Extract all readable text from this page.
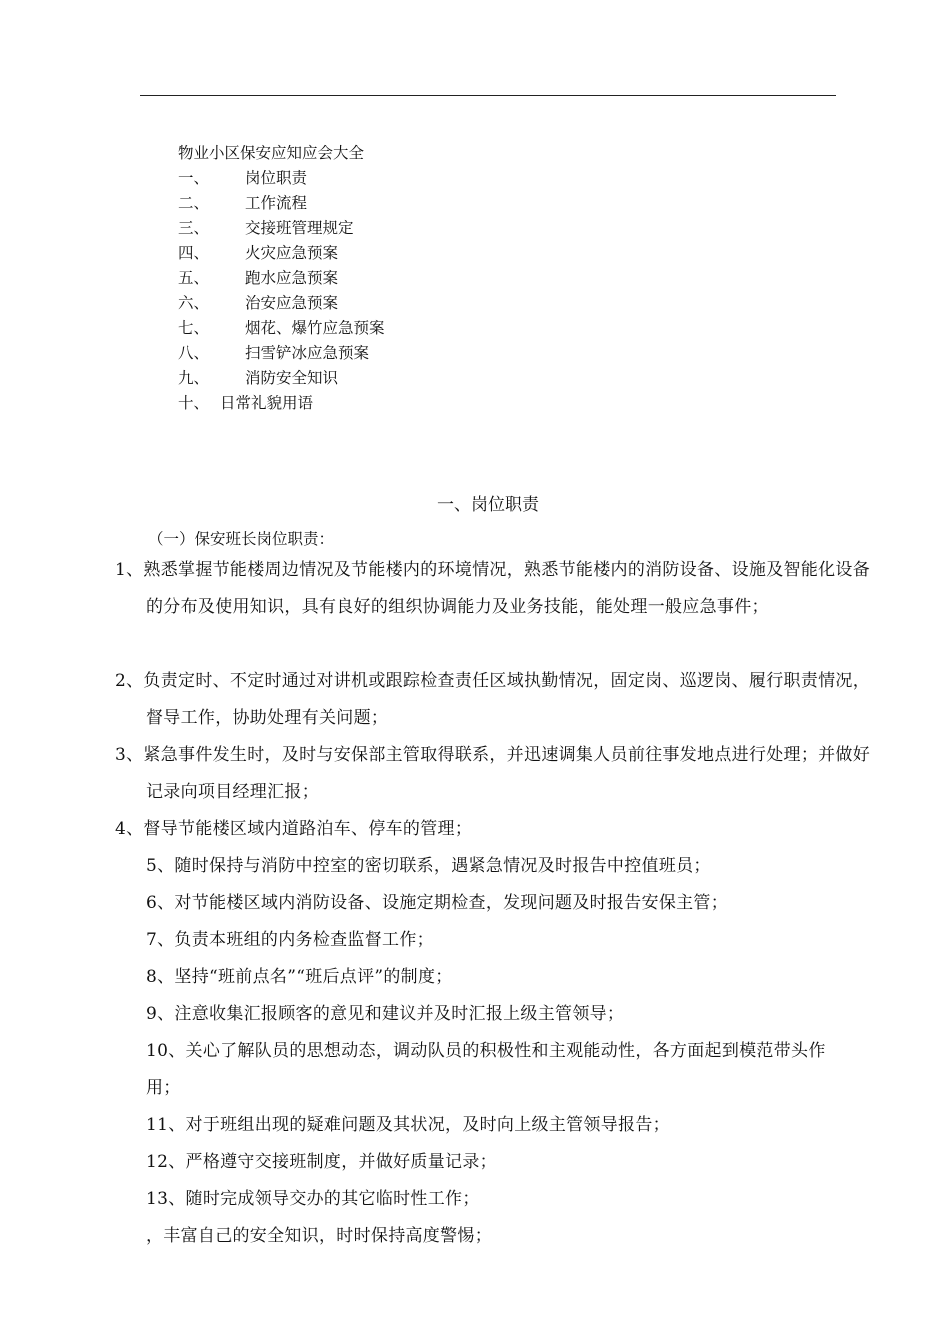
物业小区保安应知应会大全
一、 岗位职责
二、 工作流程
三、 交接班管理规定
四、 火灾应急预案
五、 跑水应急预案
六、 治安应急预案
七、 烟花、爆竹应急预案
八、 扫雪铲冰应急预案
九、 消防安全知识
十、 日常礼貌用语
一、岗位职责
（一）保安班长岗位职责：
1、熟悉掌握节能楼周边情况及节能楼内的环境情况，熟悉节能楼内的消防设备、设施及智能化设备的分布及使用知识，具有良好的组织协调能力及业务技能，能处理一般应急事件；
2、负责定时、不定时通过对讲机或跟踪检查责任区域执勤情况，固定岗、巡逻岗、履行职责情况，督导工作，协助处理有关问题；
3、紧急事件发生时，及时与安保部主管取得联系，并迅速调集人员前往事发地点进行处理；并做好记录向项目经理汇报；
4、督导节能楼区域内道路泊车、停车的管理；
5、随时保持与消防中控室的密切联系，遇紧急情况及时报告中控值班员；
6、对节能楼区域内消防设备、设施定期检查，发现问题及时报告安保主管；
7、负责本班组的内务检查监督工作；
8、坚持“班前点名”“班后点评”的制度；
9、注意收集汇报顾客的意见和建议并及时汇报上级主管领导；
10、关心了解队员的思想动态，调动队员的积极性和主观能动性，各方面起到模范带头作用；
11、对于班组出现的疑难问题及其状况，及时向上级主管领导报告；
12、严格遵守交接班制度，并做好质量记录；
13、随时完成领导交办的其它临时性工作；
，丰富自己的安全知识，时时保持高度警惕；
